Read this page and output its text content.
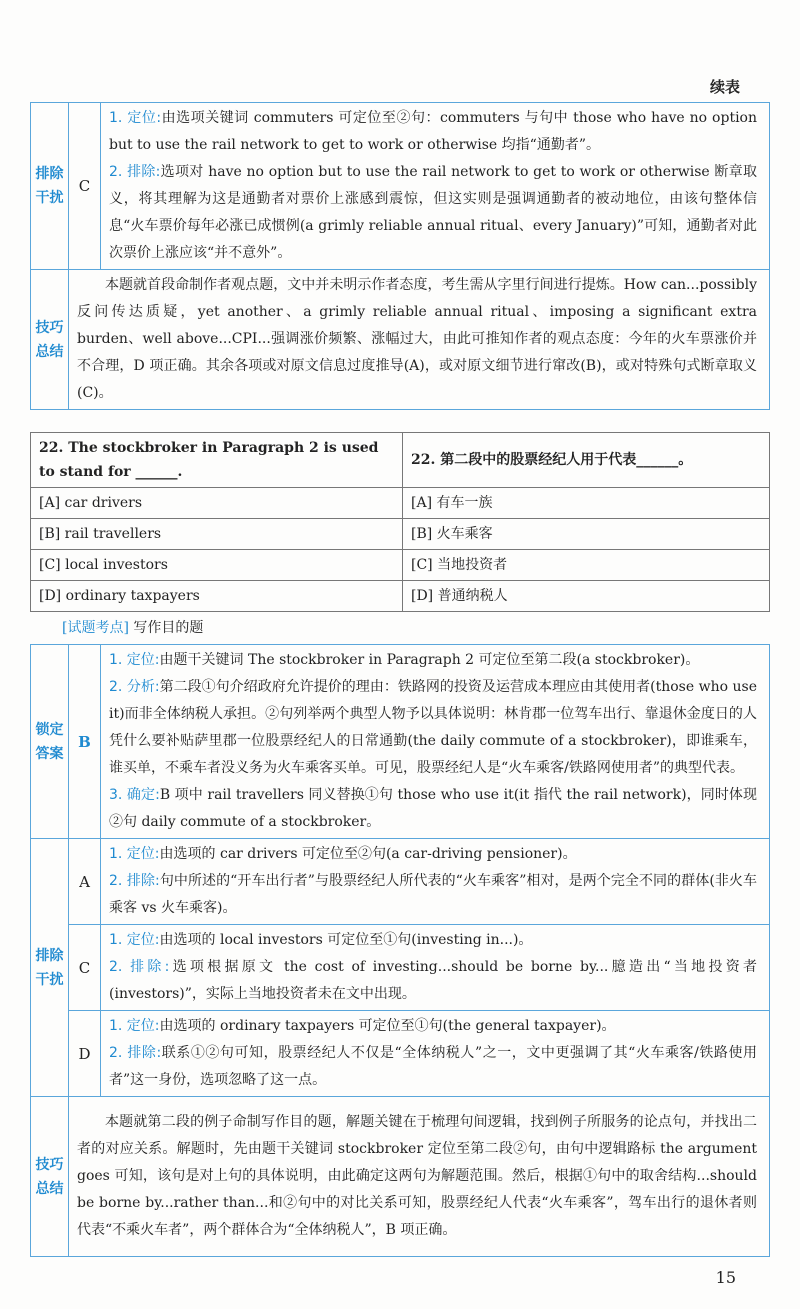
续表
排除干扰	C	1. 定位:由选项关键词 commuters 可定位至②句：commuters 与句中 those who have no option but to use the rail network to get to work or otherwise 均指“通勤者”。

2. 排除:选项对 have no option but to use the rail network to get to work or otherwise 断章取义，将其理解为这是通勤者对票价上涨感到震惊，但这实则是强调通勤者的被动地位，由该句整体信息“火车票价每年必涨已成惯例(a grimly reliable annual ritual、every January)”可知，通勤者对此次票价上涨应该“并不意外”。

技巧总结	本题就首段命制作者观点题，文中并未明示作者态度，考生需从字里行间进行提炼。How can...possibly 反问传达质疑，yet another、a grimly reliable annual ritual、imposing a significant extra burden、well above...CPI...强调涨价频繁、涨幅过大，由此可推知作者的观点态度：今年的火车票涨价并不合理，D 项正确。其余各项或对原文信息过度推导(A)，或对原文细节进行窜改(B)，或对特殊句式断章取义(C)。	
22. The stockbroker in Paragraph 2 is used to stand for ______.	22. 第二段中的股票经纪人用于代表______。
[A] car drivers	[A] 有车一族
[B] rail travellers	[B] 火车乘客
[C] local investors	[C] 当地投资者
[D] ordinary taxpayers	[D] 普通纳税人
[试题考点] 写作目的题
锁定答案	B	1. 定位:由题干关键词 The stockbroker in Paragraph 2 可定位至第二段(a stockbroker)。

2. 分析:第二段①句介绍政府允许提价的理由：铁路网的投资及运营成本理应由其使用者(those who use it)而非全体纳税人承担。②句列举两个典型人物予以具体说明：林肯郡一位驾车出行、靠退休金度日的人凭什么要补贴萨里郡一位股票经纪人的日常通勤(the daily commute of a stockbroker)，即谁乘车，谁买单，不乘车者没义务为火车乘客买单。可见，股票经纪人是“火车乘客/铁路网使用者”的典型代表。

3. 确定:B 项中 rail travellers 同义替换①句 those who use it(it 指代 the rail network)，同时体现②句 daily commute of a stockbroker。

排除干扰	A	1. 定位:由选项的 car drivers 可定位至②句(a car-driving pensioner)。

2. 排除:句中所述的“开车出行者”与股票经纪人所代表的“火车乘客”相对，是两个完全不同的群体(非火车乘客 vs 火车乘客)。

	C	1. 定位:由选项的 local investors 可定位至①句(investing in...)。

2. 排除:选项根据原文 the cost of investing...should be borne by...臆造出“当地投资者(investors)”，实际上当地投资者未在文中出现。

	D	1. 定位:由选项的 ordinary taxpayers 可定位至①句(the general taxpayer)。

2. 排除:联系①②句可知，股票经纪人不仅是“全体纳税人”之一，文中更强调了其“火车乘客/铁路使用者”这一身份，选项忽略了这一点。

技巧总结	本题就第二段的例子命制写作目的题，解题关键在于梳理句间逻辑，找到例子所服务的论点句，并找出二者的对应关系。解题时，先由题干关键词 stockbroker 定位至第二段②句，由句中逻辑路标 the argument goes 可知，该句是对上句的具体说明，由此确定这两句为解题范围。然后，根据①句中的取舍结构...should be borne by...rather than...和②句中的对比关系可知，股票经纪人代表“火车乘客”，驾车出行的退休者则代表“不乘火车者”，两个群体合为“全体纳税人”，B 项正确。	
15
